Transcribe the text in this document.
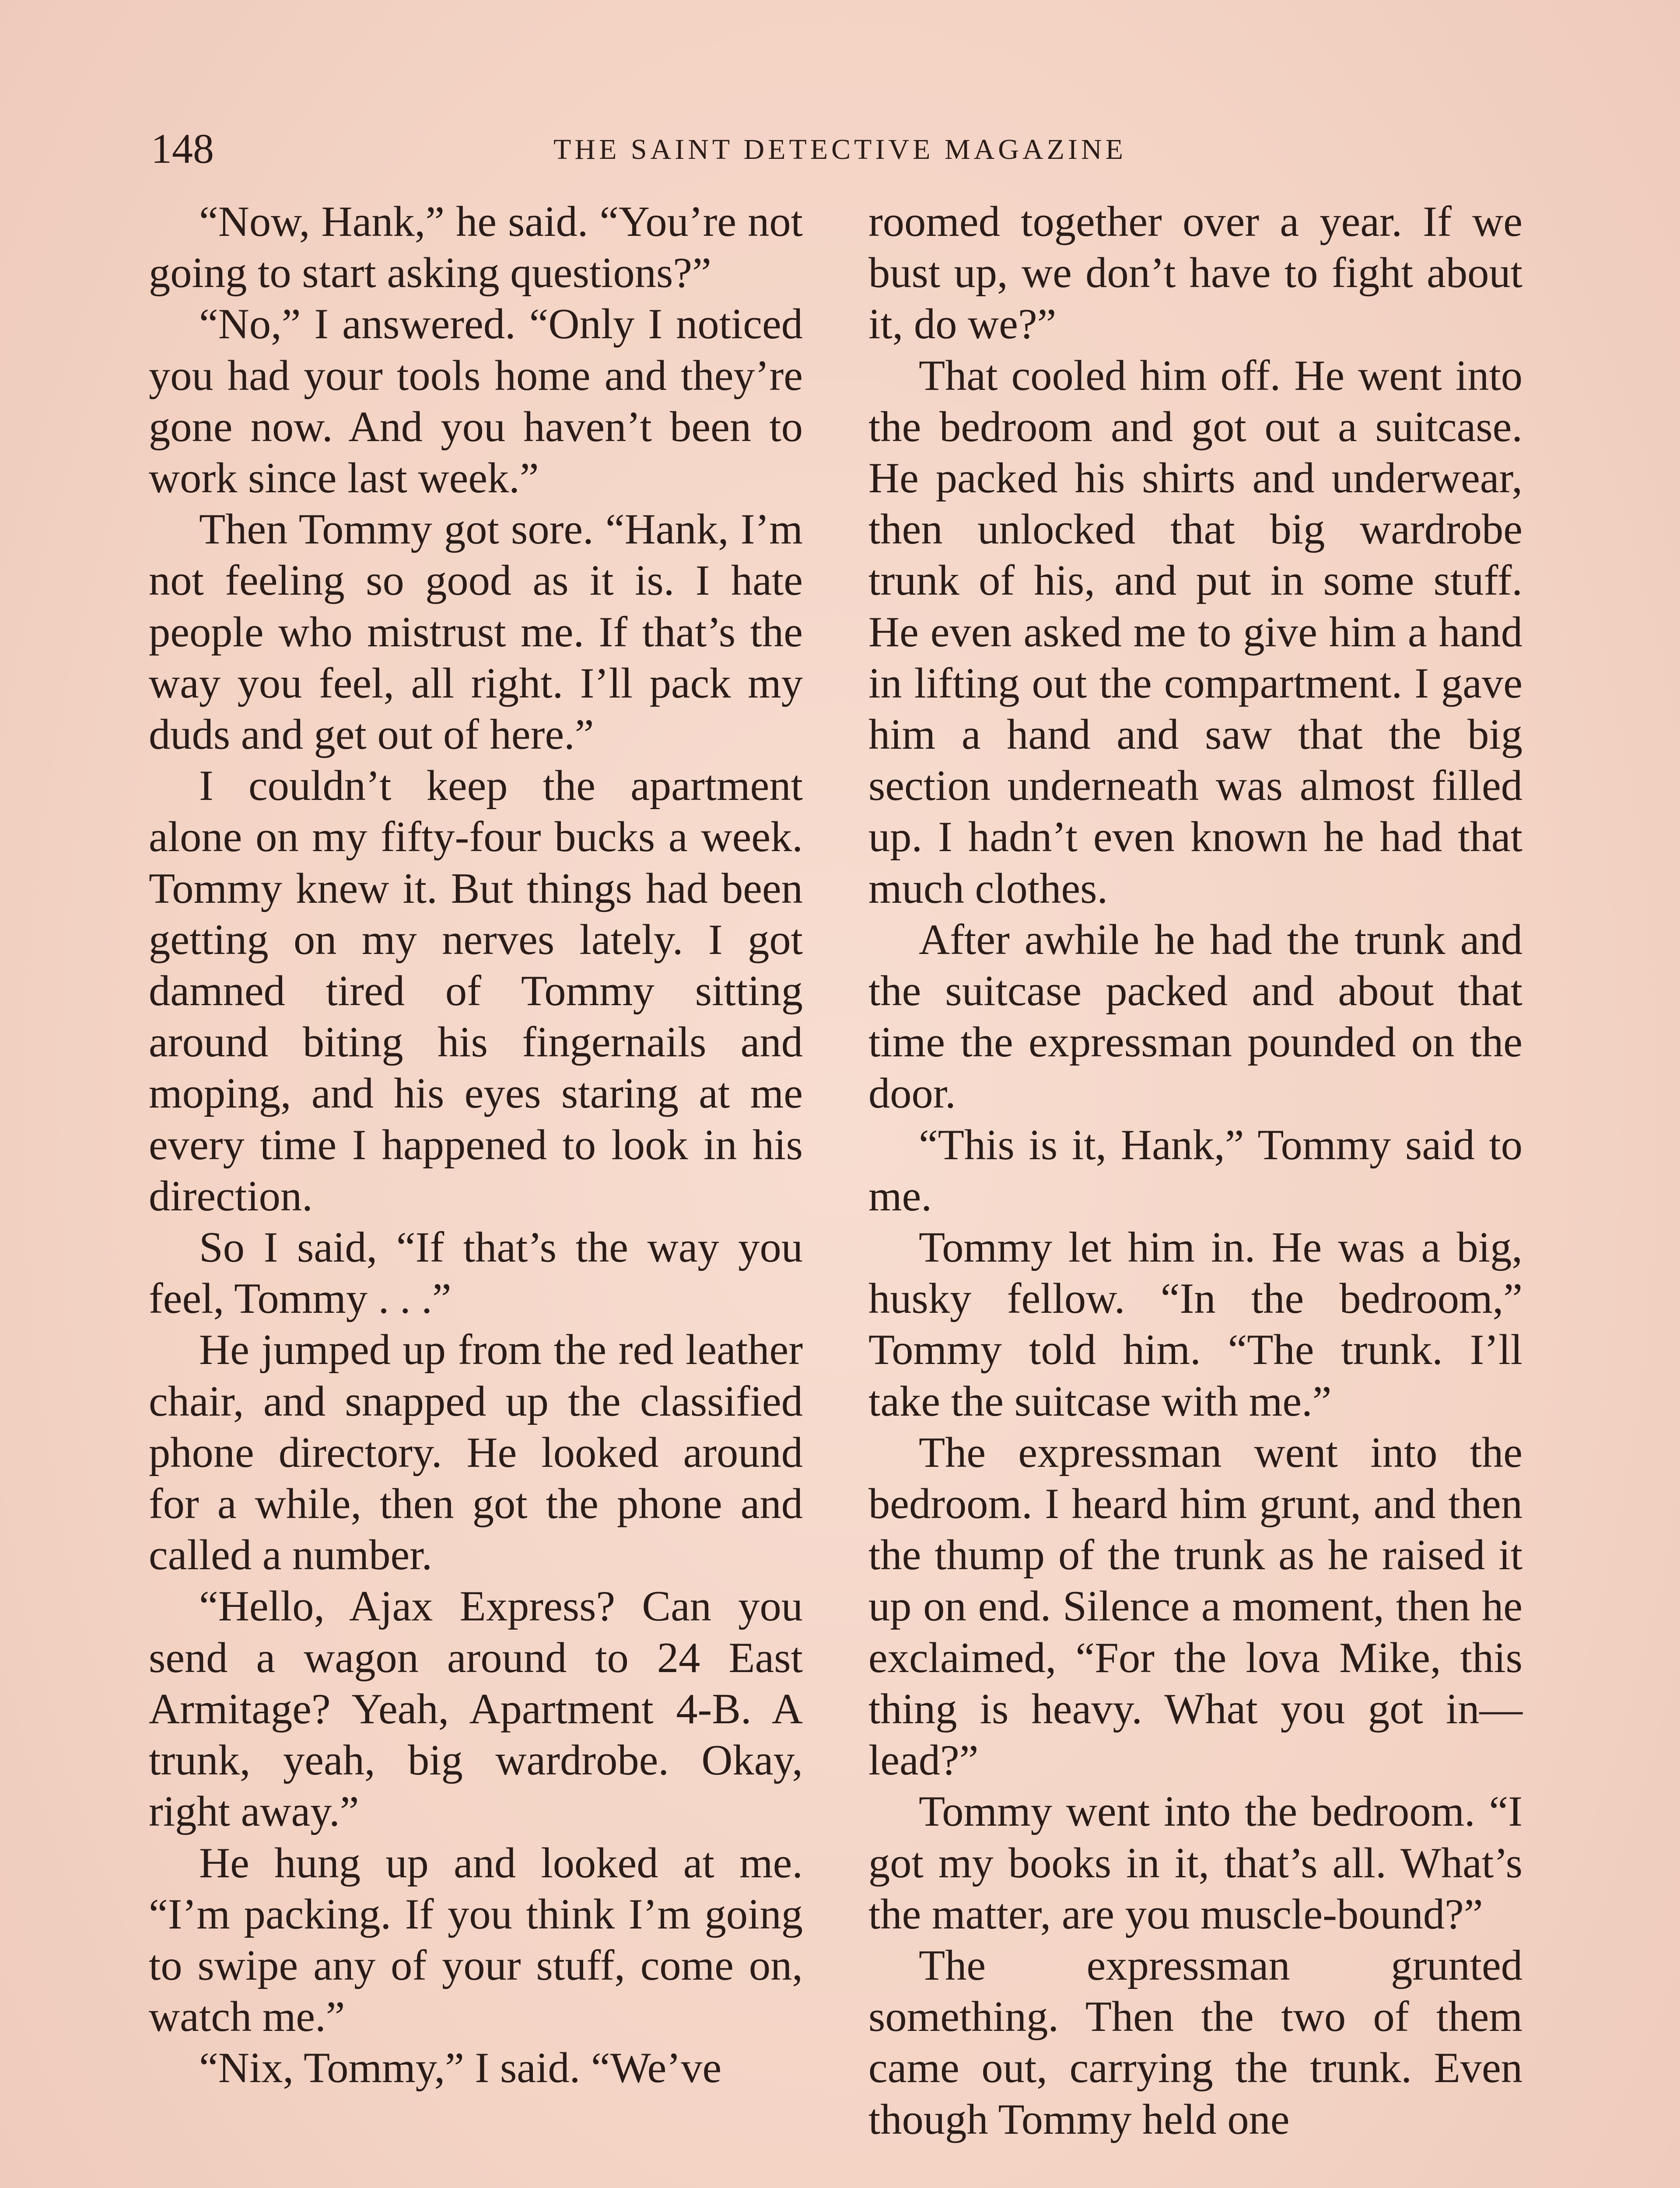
148	THE SAINT DETECTIVE MAGAZINE

“Now, Hank,” he said. “You’re not going to start asking questions?”

“No,” I answered. “Only I noticed you had your tools home and they’re gone now. And you haven’t been to work since last week.”

Then Tommy got sore. “Hank, I’m not feeling so good as it is. I hate people who mistrust me. If that’s the way you feel, all right. I’ll pack my duds and get out of here.”

I couldn’t keep the apartment alone on my fifty-four bucks a week. Tommy knew it. But things had been getting on my nerves lately. I got damned tired of Tommy sitting around biting his fingernails and moping, and his eyes staring at me every time I happened to look in his direction.

So I said, “If that’s the way you feel, Tommy . . .”

He jumped up from the red leather chair, and snapped up the classified phone directory. He looked around for a while, then got the phone and called a number.

“Hello, Ajax Express? Can you send a wagon around to 24 East Armitage? Yeah, Apartment 4-B. A trunk, yeah, big wardrobe. Okay, right away.”

He hung up and looked at me. “I’m packing. If you think I’m going to swipe any of your stuff, come on, watch me.”

“Nix, Tommy,” I said. “We’ve

roomed together over a year. If we bust up, we don’t have to fight about it, do we?”

That cooled him off. He went into the bedroom and got out a suitcase. He packed his shirts and underwear, then unlocked that big wardrobe trunk of his, and put in some stuff. He even asked me to give him a hand in lifting out the compartment. I gave him a hand and saw that the big section underneath was almost filled up. I hadn’t even known he had that much clothes.

After awhile he had the trunk and the suitcase packed and about that time the expressman pounded on the door.

“This is it, Hank,” Tommy said to me.

Tommy let him in. He was a big, husky fellow. “In the bedroom,” Tommy told him. “The trunk. I’ll take the suitcase with me.”

The expressman went into the bedroom. I heard him grunt, and then the thump of the trunk as he raised it up on end. Silence a moment, then he exclaimed, “For the lova Mike, this thing is heavy. What you got in—lead?”

Tommy went into the bedroom. “I got my books in it, that’s all. What’s the matter, are you muscle-bound?”

The expressman grunted something. Then the two of them came out, carrying the trunk. Even though Tommy held one
